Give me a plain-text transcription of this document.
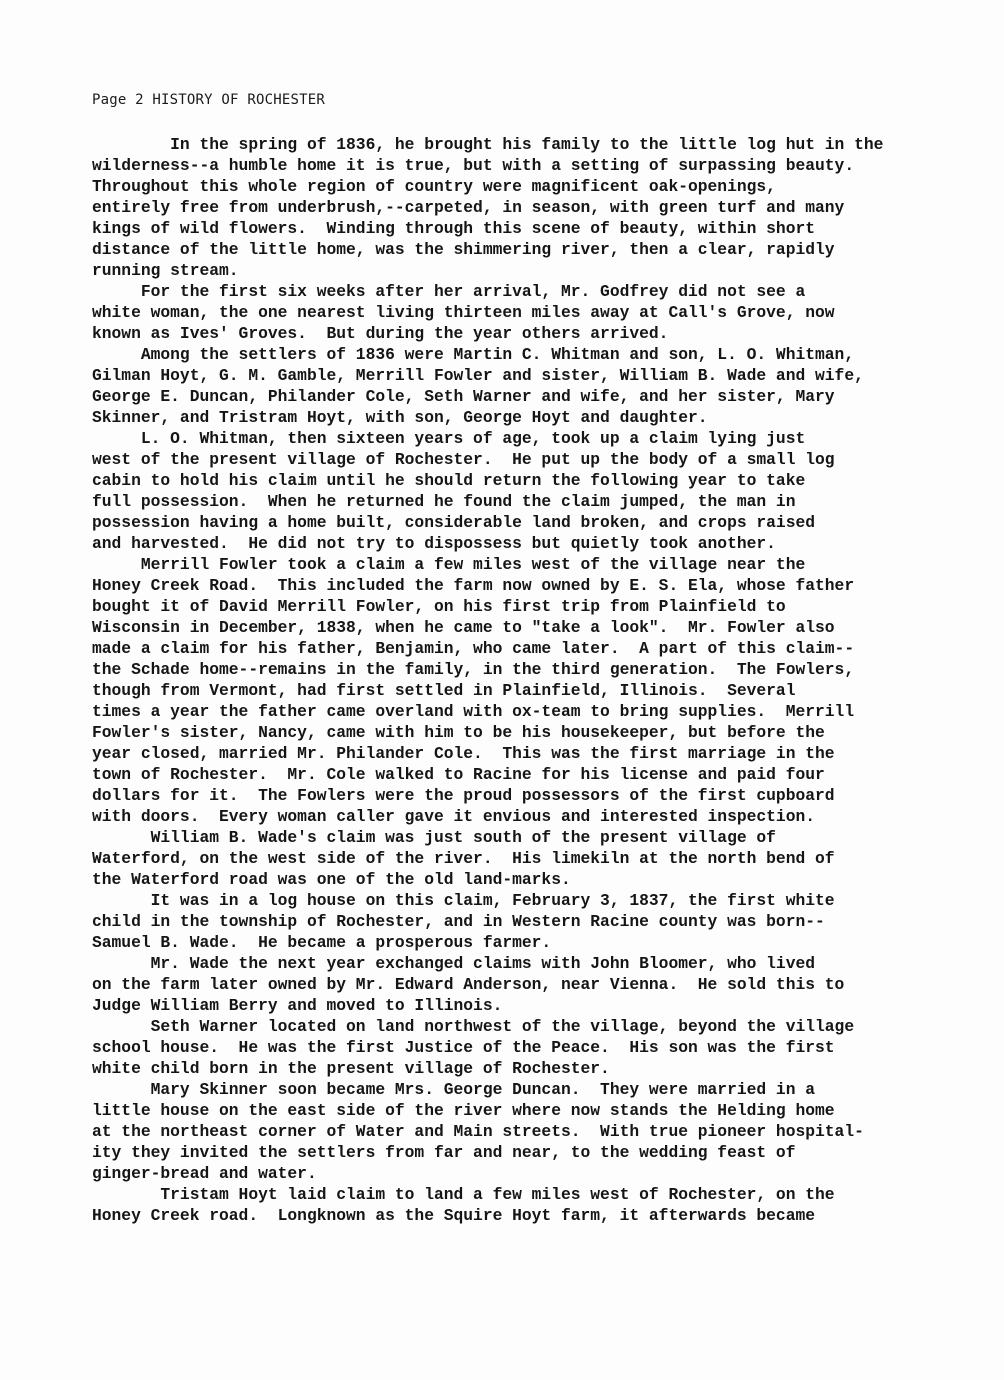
Page 2 HISTORY OF ROCHESTER
In the spring of 1836, he brought his family to the little log hut in the
wilderness--a humble home it is true, but with a setting of surpassing beauty.
Throughout this whole region of country were magnificent oak-openings,
entirely free from underbrush,--carpeted, in season, with green turf and many
kings of wild flowers.  Winding through this scene of beauty, within short
distance of the little home, was the shimmering river, then a clear, rapidly
running stream.
For the first six weeks after her arrival, Mr. Godfrey did not see a
white woman, the one nearest living thirteen miles away at Call's Grove, now
known as Ives' Groves.  But during the year others arrived.
Among the settlers of 1836 were Martin C. Whitman and son, L. O. Whitman,
Gilman Hoyt, G. M. Gamble, Merrill Fowler and sister, William B. Wade and wife,
George E. Duncan, Philander Cole, Seth Warner and wife, and her sister, Mary
Skinner, and Tristram Hoyt, with son, George Hoyt and daughter.
L. O. Whitman, then sixteen years of age, took up a claim lying just
west of the present village of Rochester.  He put up the body of a small log
cabin to hold his claim until he should return the following year to take
full possession.  When he returned he found the claim jumped, the man in
possession having a home built, considerable land broken, and crops raised
and harvested.  He did not try to dispossess but quietly took another.
Merrill Fowler took a claim a few miles west of the village near the
Honey Creek Road.  This included the farm now owned by E. S. Ela, whose father
bought it of David Merrill Fowler, on his first trip from Plainfield to
Wisconsin in December, 1838, when he came to "take a look".  Mr. Fowler also
made a claim for his father, Benjamin, who came later.  A part of this claim--
the Schade home--remains in the family, in the third generation.  The Fowlers,
though from Vermont, had first settled in Plainfield, Illinois.  Several
times a year the father came overland with ox-team to bring supplies.  Merrill
Fowler's sister, Nancy, came with him to be his housekeeper, but before the
year closed, married Mr. Philander Cole.  This was the first marriage in the
town of Rochester.  Mr. Cole walked to Racine for his license and paid four
dollars for it.  The Fowlers were the proud possessors of the first cupboard
with doors.  Every woman caller gave it envious and interested inspection.
William B. Wade's claim was just south of the present village of
Waterford, on the west side of the river.  His limekiln at the north bend of
the Waterford road was one of the old land-marks.
It was in a log house on this claim, February 3, 1837, the first white
child in the township of Rochester, and in Western Racine county was born--
Samuel B. Wade.  He became a prosperous farmer.
Mr. Wade the next year exchanged claims with John Bloomer, who lived
on the farm later owned by Mr. Edward Anderson, near Vienna.  He sold this to
Judge William Berry and moved to Illinois.
Seth Warner located on land northwest of the village, beyond the village
school house.  He was the first Justice of the Peace.  His son was the first
white child born in the present village of Rochester.
Mary Skinner soon became Mrs. George Duncan.  They were married in a
little house on the east side of the river where now stands the Helding home
at the northeast corner of Water and Main streets.  With true pioneer hospital-
ity they invited the settlers from far and near, to the wedding feast of
ginger-bread and water.
Tristam Hoyt laid claim to land a few miles west of Rochester, on the
Honey Creek road.  Longknown as the Squire Hoyt farm, it afterwards became
